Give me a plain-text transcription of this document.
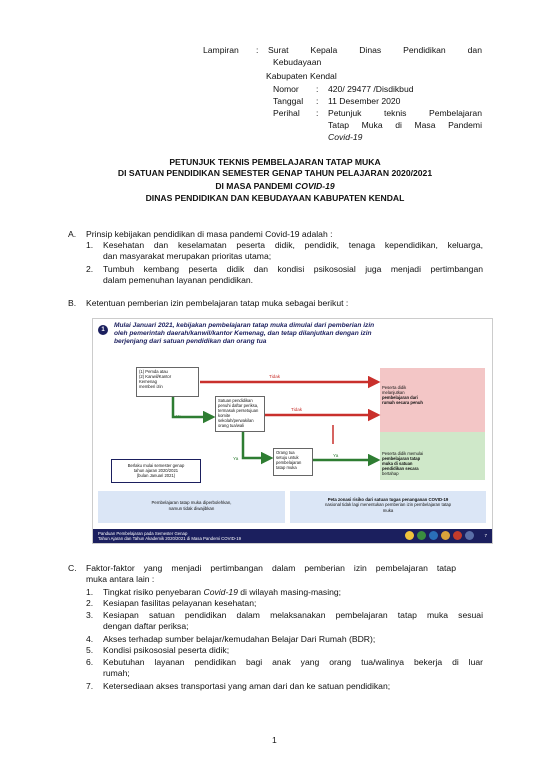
Lampiran : Surat	Kepala	Dinas	Pendidikan	dan
Kebudayaan
Kabupaten Kendal
Nomor : 420/ 29477 /Disdikbud
Tanggal : 11 Desember 2020
Perihal : Petunjuk teknis Pembelajaran
Tatap Muka di Masa Pandemi
Covid-19
PETUNJUK TEKNIS PEMBELAJARAN TATAP MUKA
DI SATUAN PENDIDIKAN SEMESTER GENAP TAHUN PELAJARAN 2020/2021
DI MASA PANDEMI COVID-19
DINAS PENDIDIKAN DAN KEBUDAYAAN KABUPATEN KENDAL
A. Prinsip kebijakan pendidikan di masa pandemi Covid-19 adalah :
1. Kesehatan dan keselamatan peserta didik, pendidik, tenaga kependidikan, keluarga,
dan masyarakat merupakan prioritas utama;
2. Tumbuh kembang peserta didik dan kondisi psikososial juga menjadi pertimbangan
dalam pemenuhan layanan pendidikan.
B. Ketentuan pemberian izin pembelajaran tatap muka sebagai berikut :
1
Mulai Januari 2021, kebijakan pembelajaran tatap muka dimulai dari pemberian izin
oleh pemerintah daerah/kanwil/kantor Kemenag, dan tetap dilanjutkan dengan izin
berjenjang dari satuan pendidikan dan orang tua
(1) Pemda atau
(2) Kanwil/Kantor
Kemenag
memberi izin
Satuan pendidikan
penuhi daftar periksa,
termasuk persetujuan
komite
sekolah/perwakilan
orang tua/wali
Orang tua
setuju untuk
pembelajaran
tatap muka
Tidak
Tidak
Ya
Ya
Ya
Peserta didik
melanjutkan
pembelajaran dari
rumah secara penuh
Peserta didik memulai
pembelajaran tatap
muka di satuan
pendidikan secara
bertahap
Berlaku mulai semester genap
tahun ajaran 2020/2021
(bulan Januari 2021)
Pembelajaran tatap muka diperbolehkan,
namun tidak diwajibkan
Peta zonasi risiko dari satuan tugas penanganan COVID-19
nasional tidak lagi menentukan pemberian izin pembelajaran tatap
muka
Panduan Pembelajaran pada Semester Genap
Tahun Ajaran dan Tahun Akademik 2020/2021 di Masa Pandemi COVID-19
7
C. Faktor-faktor yang menjadi pertimbangan dalam pemberian izin pembelajaran tatap
muka antara lain :
1. Tingkat risiko penyebaran Covid-19 di wilayah masing-masing;
2. Kesiapan fasilitas pelayanan kesehatan;
3. Kesiapan satuan pendidikan dalam melaksanakan pembelajaran tatap muka sesuai
dengan daftar periksa;
4. Akses terhadap sumber belajar/kemudahan Belajar Dari Rumah (BDR);
5. Kondisi psikososial peserta didik;
6. Kebutuhan layanan pendidikan bagi anak yang orang tua/walinya bekerja di luar
rumah;
7. Ketersediaan akses transportasi yang aman dari dan ke satuan pendidikan;
1
